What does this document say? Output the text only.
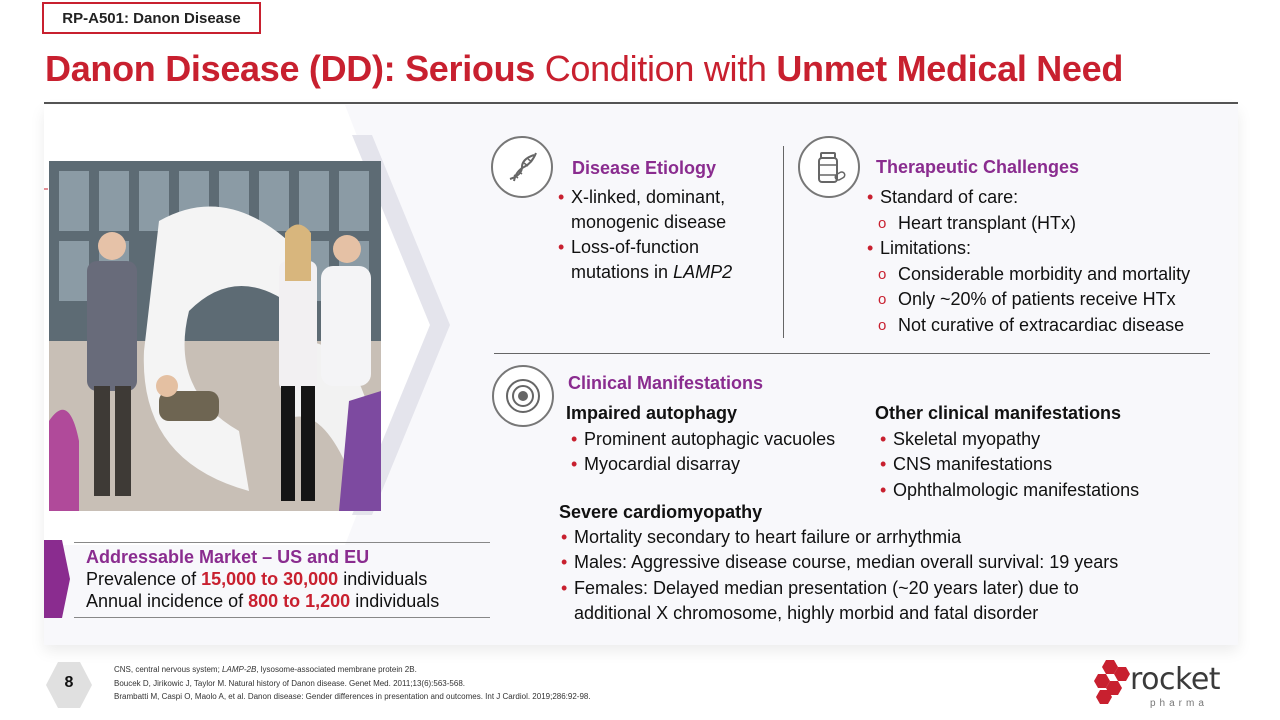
RP-A501: Danon Disease
Danon Disease (DD): Serious Condition with Unmet Medical Need
Addressable Market – US and EU
Prevalence of 15,000 to 30,000 individuals
Annual incidence of 800 to 1,200 individuals
Disease Etiology
• X-linked, dominant,
monogenic disease
• Loss-of-function
mutations in LAMP2
Therapeutic Challenges
• Standard of care:
o Heart transplant (HTx)
• Limitations:
o Considerable morbidity and mortality
o Only ~20% of patients receive HTx
o Not curative of extracardiac disease
Clinical Manifestations
Impaired autophagy
• Prominent autophagic vacuoles
• Myocardial disarray
Other clinical manifestations
• Skeletal myopathy
• CNS manifestations
• Ophthalmologic manifestations
Severe cardiomyopathy
• Mortality secondary to heart failure or arrhythmia
• Males: Aggressive disease course, median overall survival: 19 years
• Females: Delayed median presentation (~20 years later) due to
additional X chromosome, highly morbid and fatal disorder
8
CNS, central nervous system; LAMP-2B, lysosome-associated membrane protein 2B.
Boucek D, Jirikowic J, Taylor M. Natural history of Danon disease. Genet Med. 2011;13(6):563-568.
Brambatti M, Caspi O, Maolo A, et al. Danon disease: Gender differences in presentation and outcomes. Int J Cardiol. 2019;286:92-98.	rocket
pharma
